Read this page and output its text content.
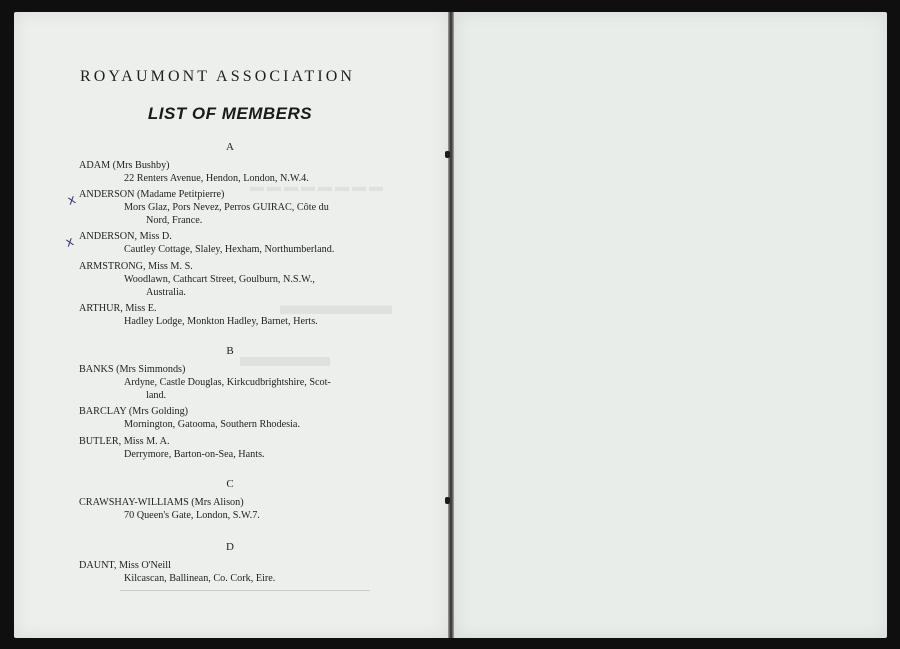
▬▬▬▬▬▬▬▬
▬▬▬▬
▬▬▬
ROYAUMONT ASSOCIATION
LIST OF MEMBERS
x
x
A
ADAM (Mrs Bushby)
22 Renters Avenue, Hendon, London, N.W.4.
ANDERSON (Madame Petitpierre)
Mors Glaz, Pors Nevez, Perros GUIRAC, Côte du
Nord, France.
ANDERSON, Miss D.
Cautley Cottage, Slaley, Hexham, Northumberland.
ARMSTRONG, Miss M. S.
Woodlawn, Cathcart Street, Goulburn, N.S.W.,
Australia.
ARTHUR, Miss E.
Hadley Lodge, Monkton Hadley, Barnet, Herts.
B
BANKS (Mrs Simmonds)
Ardyne, Castle Douglas, Kirkcudbrightshire, Scot-
land.
BARCLAY (Mrs Golding)
Mornington, Gatooma, Southern Rhodesia.
BUTLER, Miss M. A.
Derrymore, Barton-on-Sea, Hants.
C
CRAWSHAY-WILLIAMS (Mrs Alison)
70 Queen's Gate, London, S.W.7.
D
DAUNT, Miss O'Neill
Kilcascan, Ballinean, Co. Cork, Eire.
